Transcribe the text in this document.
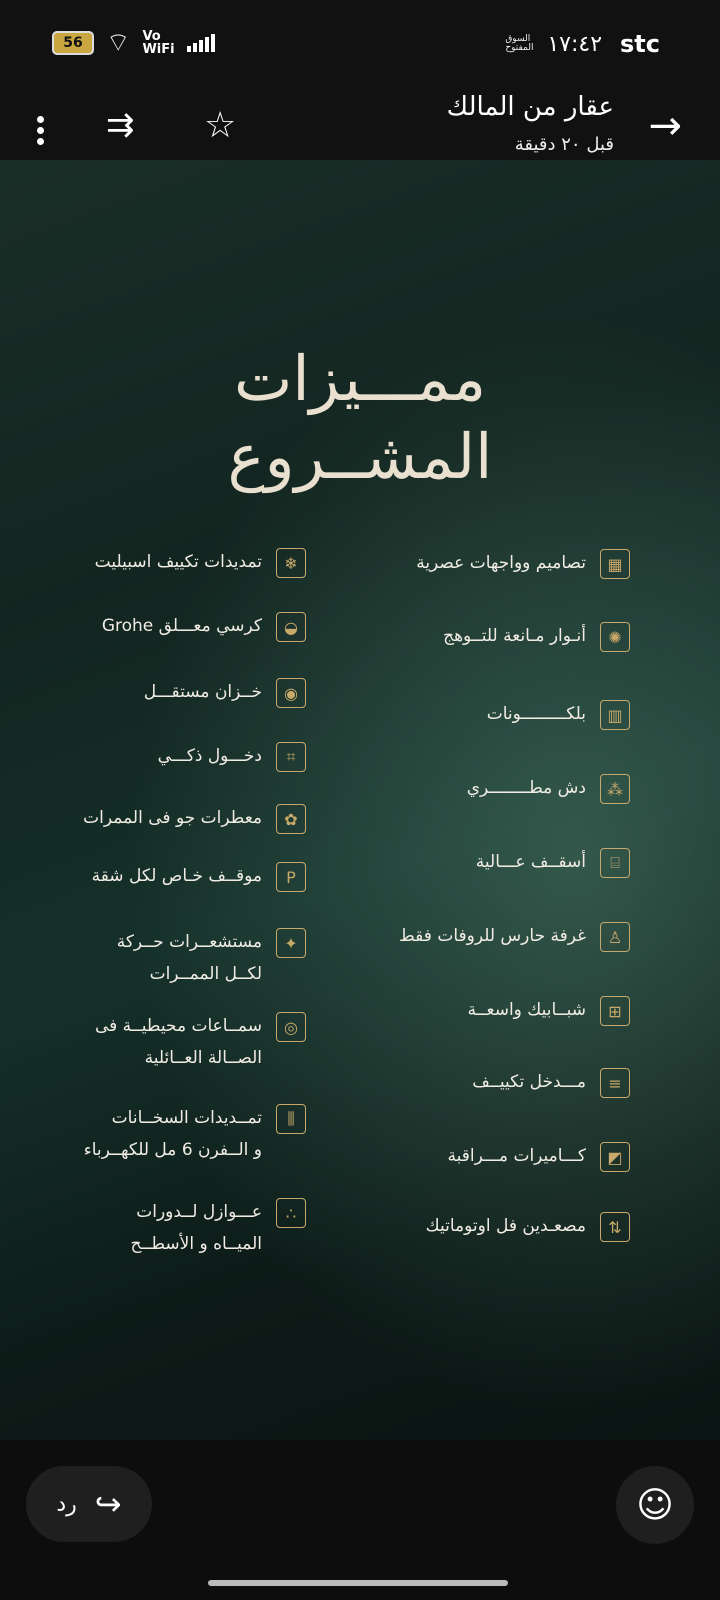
56 ⌔ Vo
WiFi
السوق المفتوح ١٧:٤٢ stc
⇉ ☆	عقار من المالك
قبل ٢٠ دقيقة →
ممـــيزات
المشــروع
▦
تصاميم وواجهات عصرية
✺
أنـوار مـانعة للتــوهج
▥
بلكـــــــــونات
⁂
دش مطــــــــري
⌸
أسقــف عـــالية
♙
غرفة حارس للروفات فقط
⊞
شبــابيك واسعــة
≡
مـــدخل تكييــف
◩
كـــاميرات مـــراقبة
⇅
مصعـدين فل اوتوماتيك
❄
تمديدات تكييف اسبيليت
◒
كرسي معـــلق Grohe
◉
خــزان مستقـــل
⌗
دخـــول ذكـــي
✿
معطرات جو فى الممرات
P
موقــف خـاص لكل شقة
✦
مستشعــرات حــركة
لكــل الممــرات
◎
سمــاعات محيطيــة فى
الصــالة العــائلية
⫼
تمــديدات السخــانات
و الــفرن 6 مل للكهــرباء
∴
عـــوازل لــدورات
الميــاه و الأسطــح
رد ↪	☺
